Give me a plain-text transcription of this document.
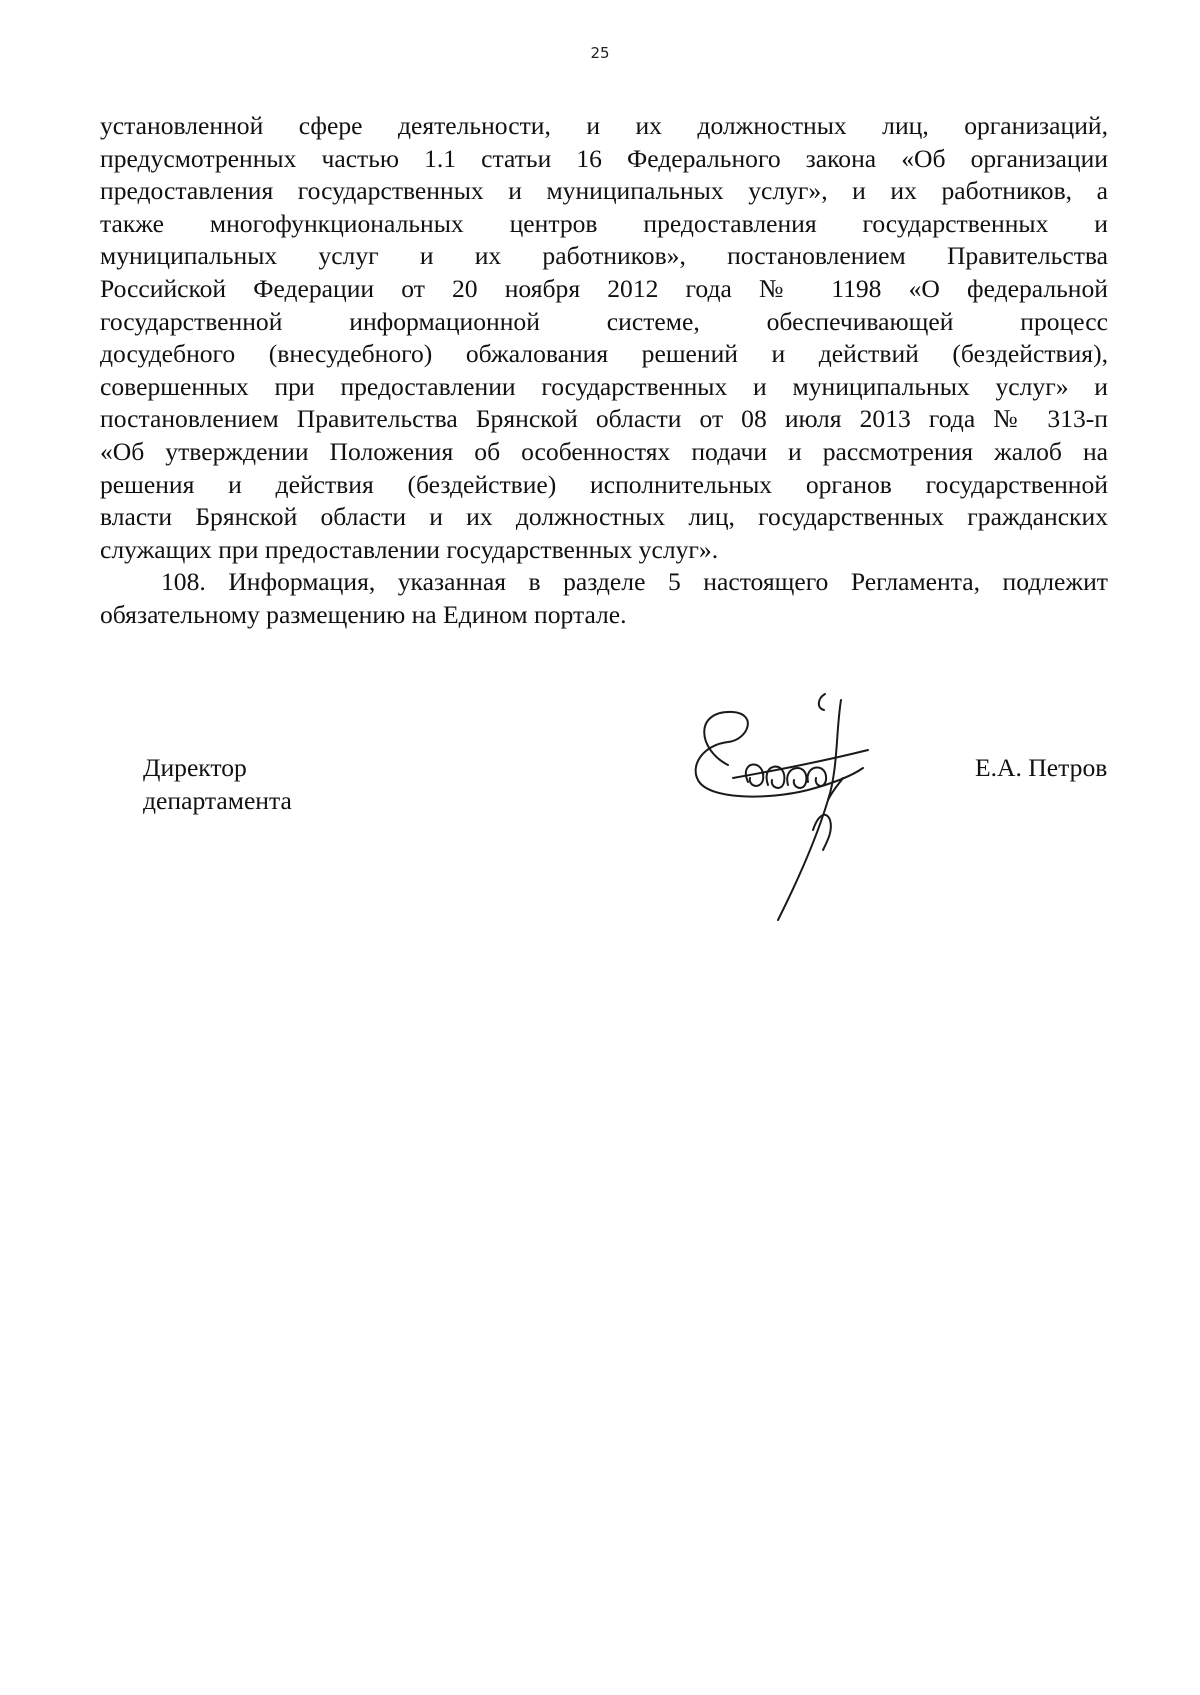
25

установленной сфере деятельности, и их должностных лиц, организаций,
предусмотренных частью 1.1 статьи 16 Федерального закона «Об организации
предоставления государственных и муниципальных услуг», и их работников, а
также многофункциональных центров предоставления государственных и
муниципальных услуг и их работников», постановлением Правительства
Российской Федерации от 20 ноября 2012 года № 1198 «О федеральной
государственной информационной системе, обеспечивающей процесс
досудебного (внесудебного) обжалования решений и действий (бездействия),
совершенных при предоставлении государственных и муниципальных услуг» и
постановлением Правительства Брянской области от 08 июля 2013 года № 313-п
«Об утверждении Положения об особенностях подачи и рассмотрения жалоб на
решения и действия (бездействие) исполнительных органов государственной
власти Брянской области и их должностных лиц, государственных гражданских
служащих при предоставлении государственных услуг».

108. Информация, указанная в разделе 5 настоящего Регламента, подлежит
обязательному размещению на Едином портале.

Директор
департамента
Е.А. Петров
